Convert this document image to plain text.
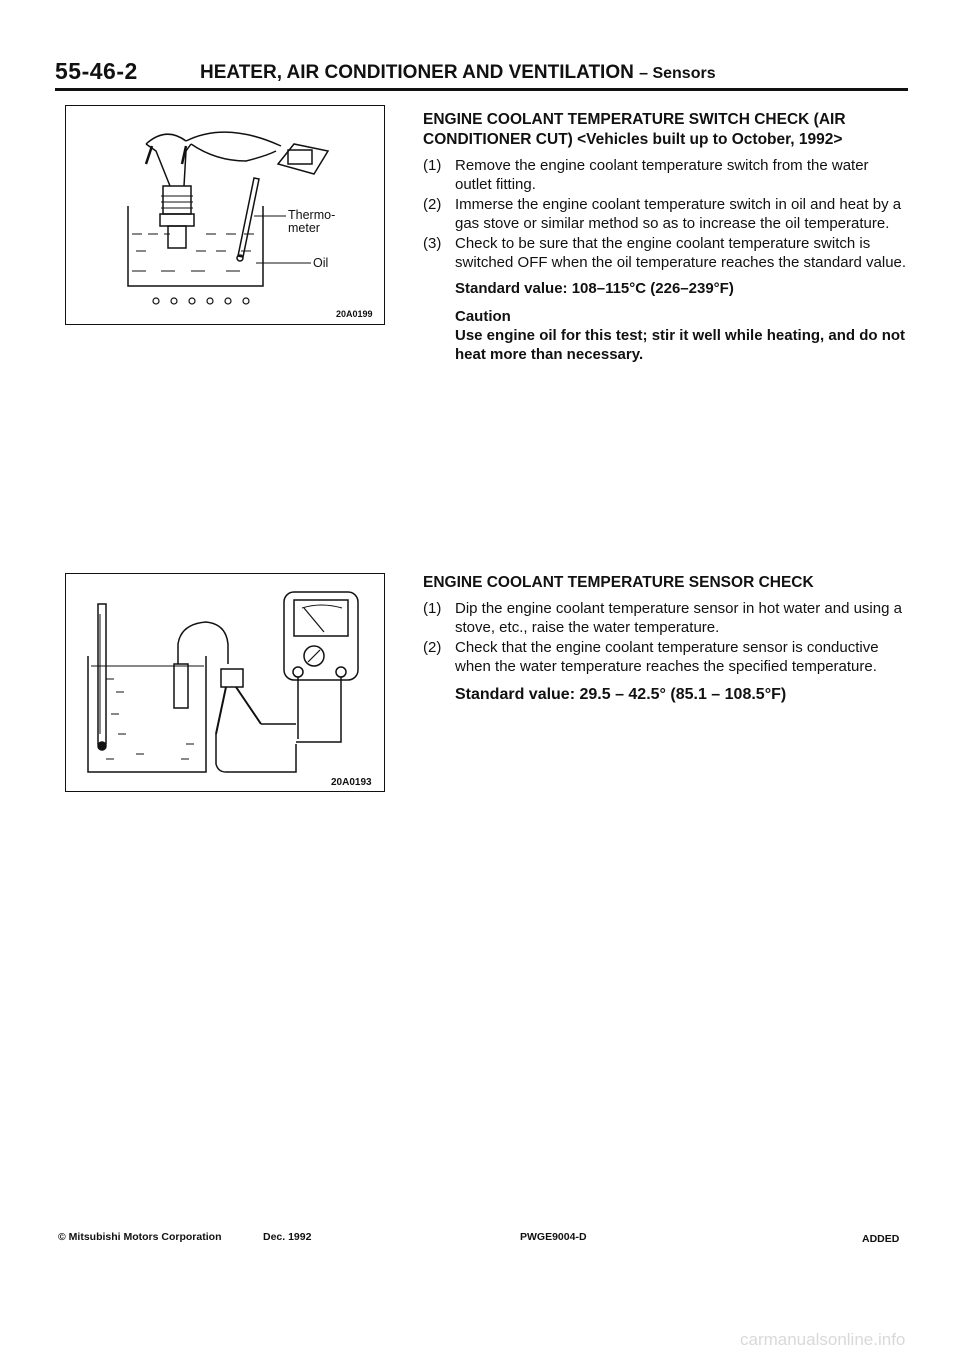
55-46-2	HEATER, AIR CONDITIONER AND VENTILATION – Sensors
Thermo-
meter
Oil
20A0199
20A0193
ENGINE COOLANT TEMPERATURE SWITCH CHECK (AIR CONDITIONER CUT) <Vehicles built up to October, 1992>
(1) Remove the engine coolant temperature switch from the water outlet fitting.
(2) Immerse the engine coolant temperature switch in oil and heat by a gas stove or similar method so as to increase the oil temperature.
(3) Check to be sure that the engine coolant temperature switch is switched OFF when the oil temperature reaches the standard value.
Standard value: 108–115°C (226–239°F)
Caution
Use engine oil for this test; stir it well while heating, and do not heat more than necessary.
ENGINE COOLANT TEMPERATURE SENSOR CHECK
(1) Dip the engine coolant temperature sensor in hot water and using a stove, etc., raise the water temperature.
(2) Check that the engine coolant temperature sensor is conductive when the water temperature reaches the specified temperature.
Standard value: 29.5 – 42.5° (85.1 – 108.5°F)
© Mitsubishi Motors Corporation	Dec. 1992	PWGE9004-D	ADDED
carmanualsonline.info
